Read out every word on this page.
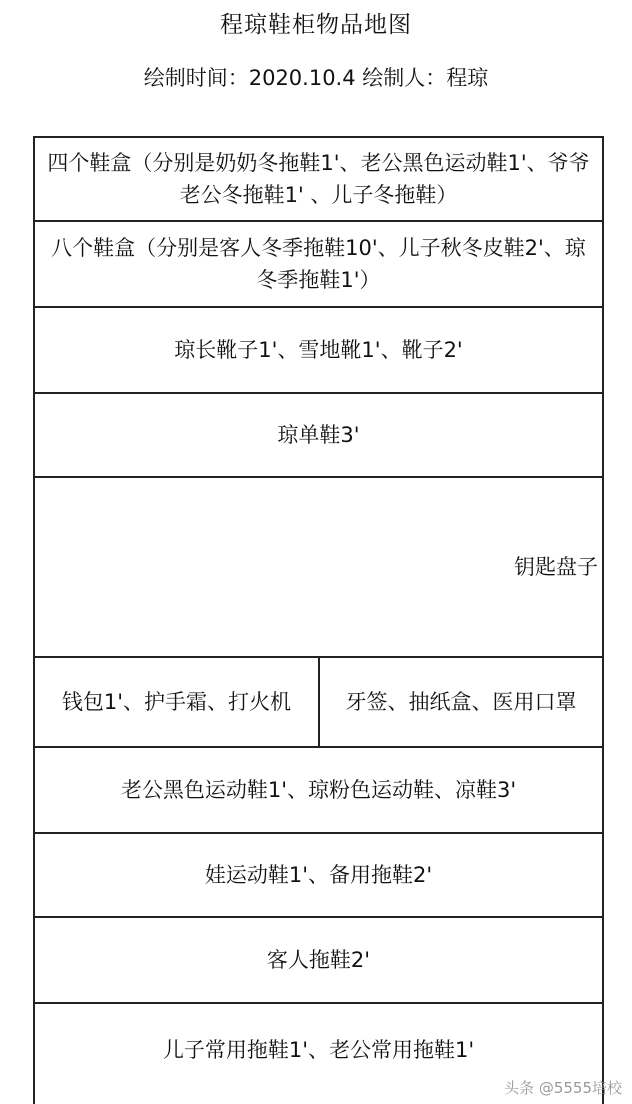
程琼鞋柜物品地图
绘制时间：2020.10.4 绘制人：程琼
四个鞋盒（分别是奶奶冬拖鞋1'、老公黑色运动鞋1'、爷爷老公冬拖鞋1' 、儿子冬拖鞋）
八个鞋盒（分别是客人冬季拖鞋10'、儿子秋冬皮鞋2'、琼冬季拖鞋1'）
琼长靴子1'、雪地靴1'、靴子2'
琼单鞋3'
钥匙盘子
钱包1'、护手霜、打火机	牙签、抽纸盒、医用口罩
老公黑色运动鞋1'、琼粉色运动鞋、凉鞋3'
娃运动鞋1'、备用拖鞋2'
客人拖鞋2'
儿子常用拖鞋1'、老公常用拖鞋1'
头条 @5555培校
